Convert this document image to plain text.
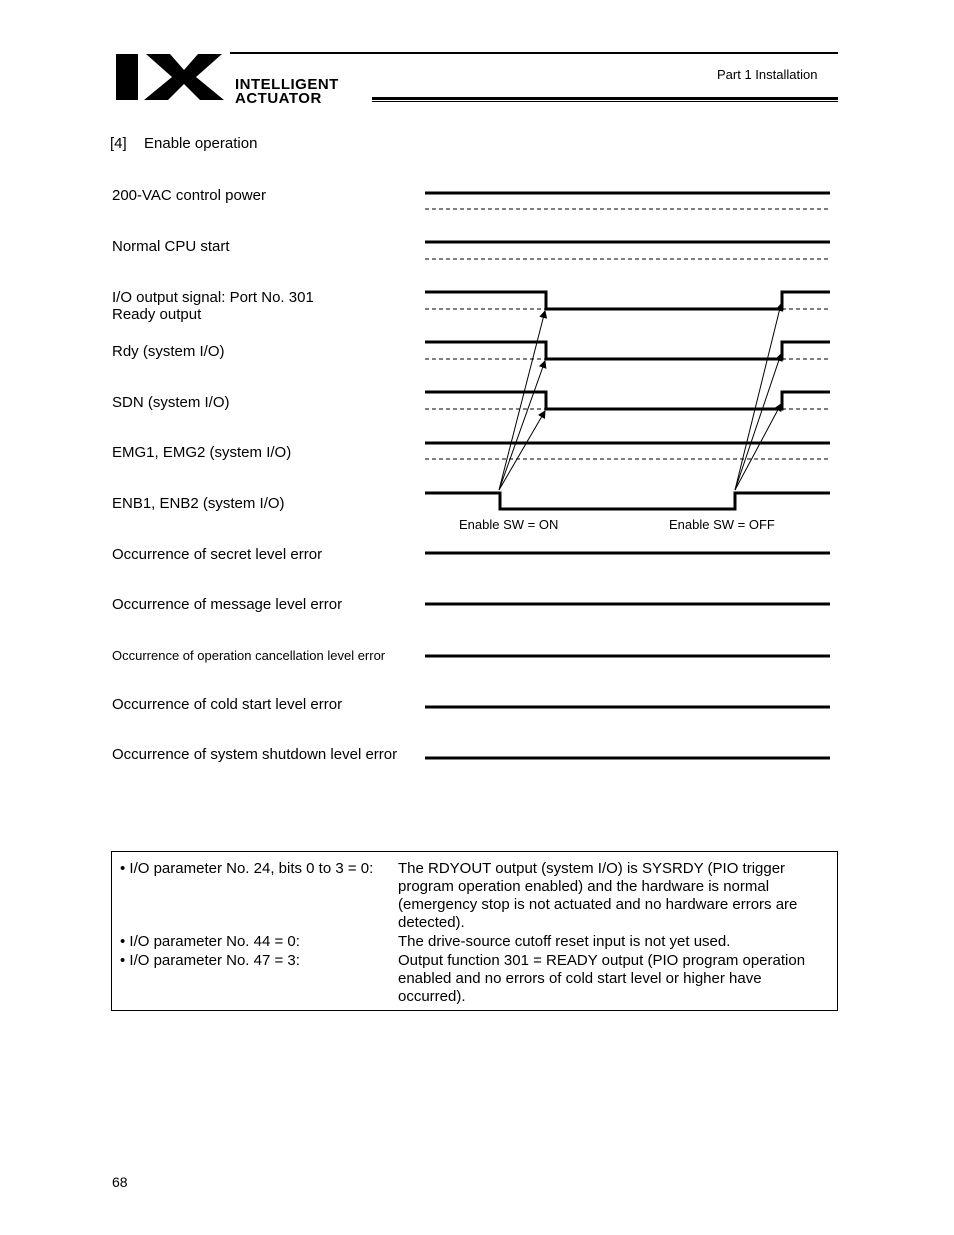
INTELLIGENT
ACTUATOR
Part 1 Installation
[4] Enable operation
200-VAC control power
Normal CPU start
I/O output signal: Port No. 301
Ready output
Rdy (system I/O)
SDN (system I/O)
EMG1, EMG2 (system I/O)
ENB1, ENB2 (system I/O)
Occurrence of secret level error
Occurrence of message level error
Occurrence of operation cancellation level error
Occurrence of cold start level error
Occurrence of system shutdown level error
Enable SW = ON	Enable SW = OFF
• I/O parameter No. 24, bits 0 to 3 = 0: The RDYOUT output (system I/O) is SYSRDY (PIO trigger program operation enabled) and the hardware is normal (emergency stop is not actuated and no hardware errors are detected).
• I/O parameter No. 44 = 0:	The drive-source cutoff reset input is not yet used.
• I/O parameter No. 47 = 3:	Output function 301 = READY output (PIO program operation enabled and no errors of cold start level or higher have occurred).
68
